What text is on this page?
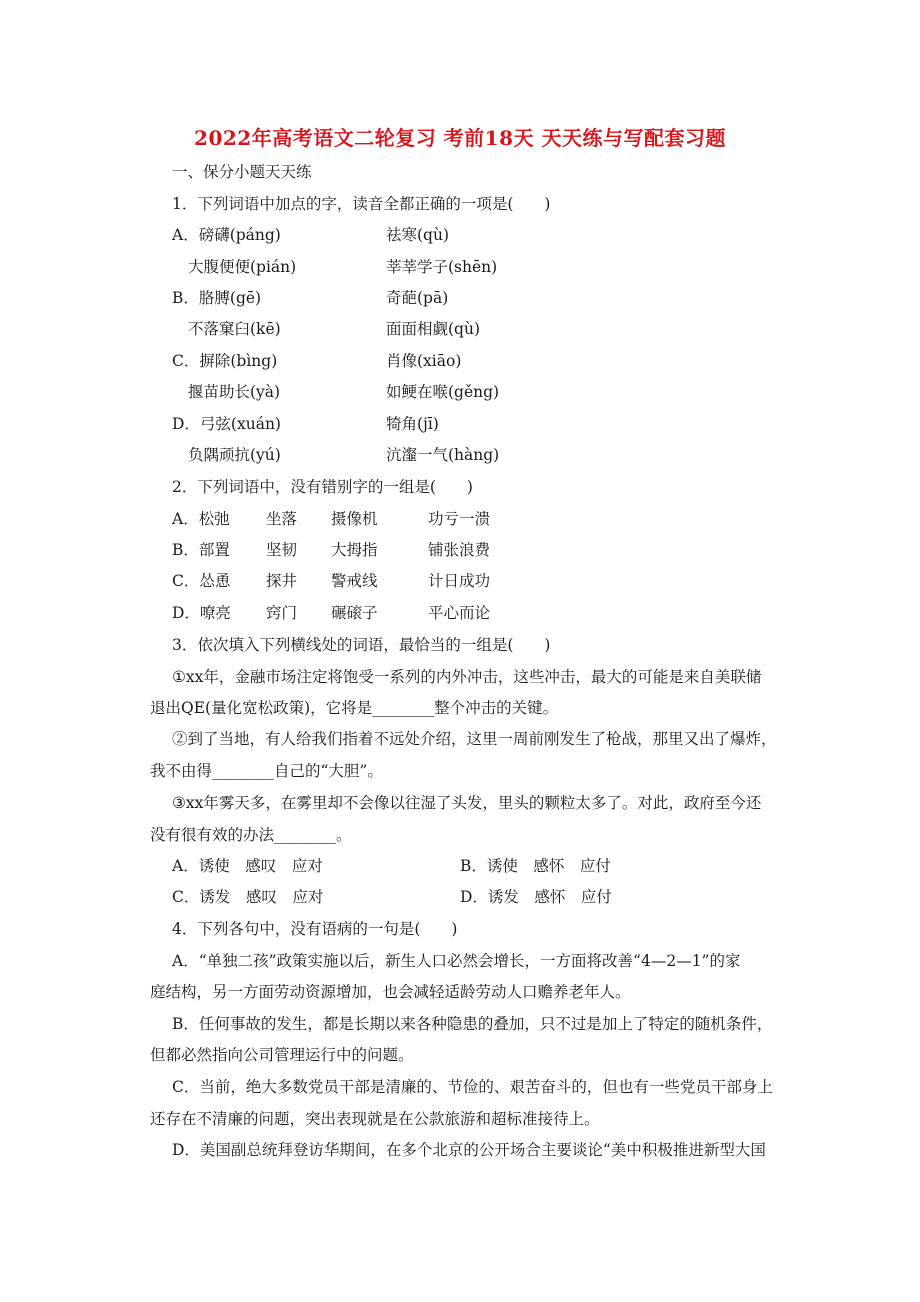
2022年高考语文二轮复习 考前18天 天天练与写配套习题
一、保分小题天天练
1．下列词语中加点的字，读音全都正确的一项是(　　)
A．磅礴(páng)	祛寒(qù)
大腹便便(pián)	莘莘学子(shēn)
B．胳膊(gē)	奇葩(pā)
不落窠臼(kē)	面面相觑(qù)
C．摒除(bìng)	肖像(xiāo)
揠苗助长(yà)	如鲠在喉(gěng)
D．弓弦(xuán)	犄角(jī)
负隅顽抗(yú)	沆瀣一气(hàng)
2．下列词语中，没有错别字的一组是(　　)
A．松弛 坐落 摄像机	功亏一溃
B．部置 坚韧 大拇指	铺张浪费
C．怂恿 探井 警戒线	计日成功
D．嘹亮 窍门 碾磙子	平心而论
3．依次填入下列横线处的词语，最恰当的一组是(　　)
①xx年，金融市场注定将饱受一系列的内外冲击，这些冲击，最大的可能是来自美联储
退出QE(量化宽松政策)，它将是________整个冲击的关键。
②到了当地，有人给我们指着不远处介绍，这里一周前刚发生了枪战，那里又出了爆炸，
我不由得________自己的“大胆”。
③xx年雾天多，在雾里却不会像以往湿了头发，里头的颗粒太多了。对此，政府至今还
没有很有效的办法________。
A．诱使　感叹　应对	B．诱使　感怀　应付
C．诱发　感叹　应对	D．诱发　感怀　应付
4．下列各句中，没有语病的一句是(　　)
A．“单独二孩”政策实施以后，新生人口必然会增长，一方面将改善“4—2—1”的家
庭结构，另一方面劳动资源增加，也会减轻适龄劳动人口赡养老年人。
B．任何事故的发生，都是长期以来各种隐患的叠加，只不过是加上了特定的随机条件，
但都必然指向公司管理运行中的问题。
C．当前，绝大多数党员干部是清廉的、节俭的、艰苦奋斗的，但也有一些党员干部身上
还存在不清廉的问题，突出表现就是在公款旅游和超标准接待上。
D．美国副总统拜登访华期间，在多个北京的公开场合主要谈论“美中积极推进新型大国
